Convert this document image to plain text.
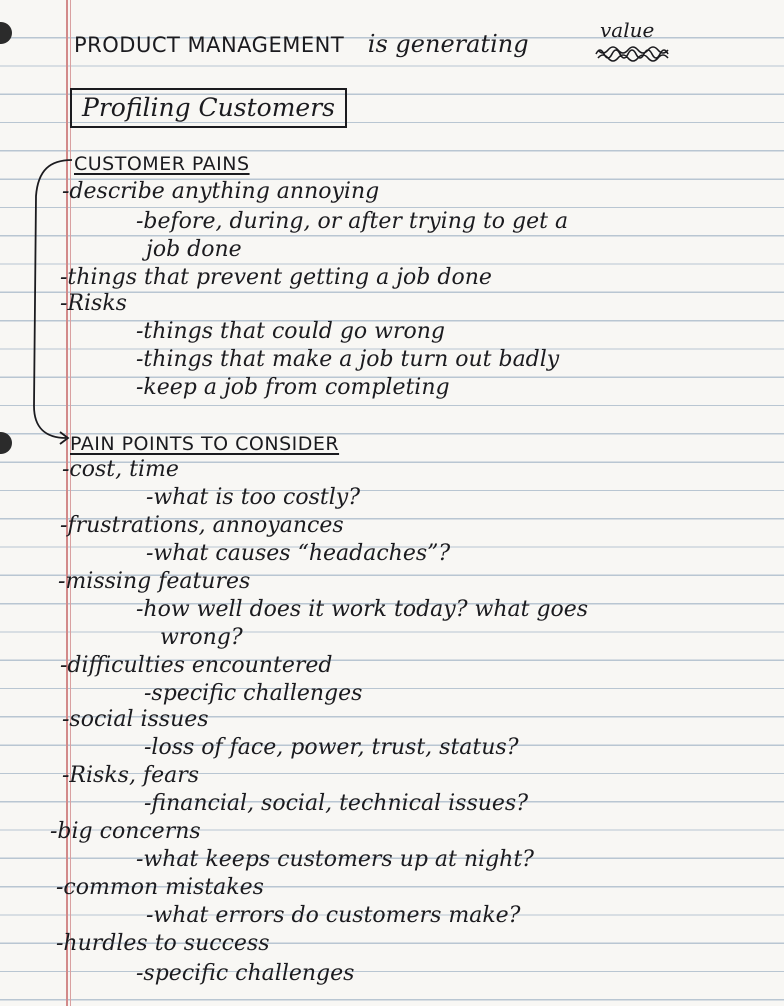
PRODUCT MANAGEMENT is generating	value
Profiling Customers
CUSTOMER PAINS
-describe anything annoying
-before, during, or after trying to get a
job done
-things that prevent getting a job done
-Risks
-things that could go wrong
-things that make a job turn out badly
-keep a job from completing
PAIN POINTS TO CONSIDER
-cost, time
-what is too costly?
-frustrations, annoyances
-what causes “headaches”?
-missing features
-how well does it work today? what goes
wrong?
-difficulties encountered
-specific challenges
-social issues
-loss of face, power, trust, status?
-Risks, fears
-financial, social, technical issues?
-big concerns
-what keeps customers up at night?
-common mistakes
-what errors do customers make?
-hurdles to success
-specific challenges
